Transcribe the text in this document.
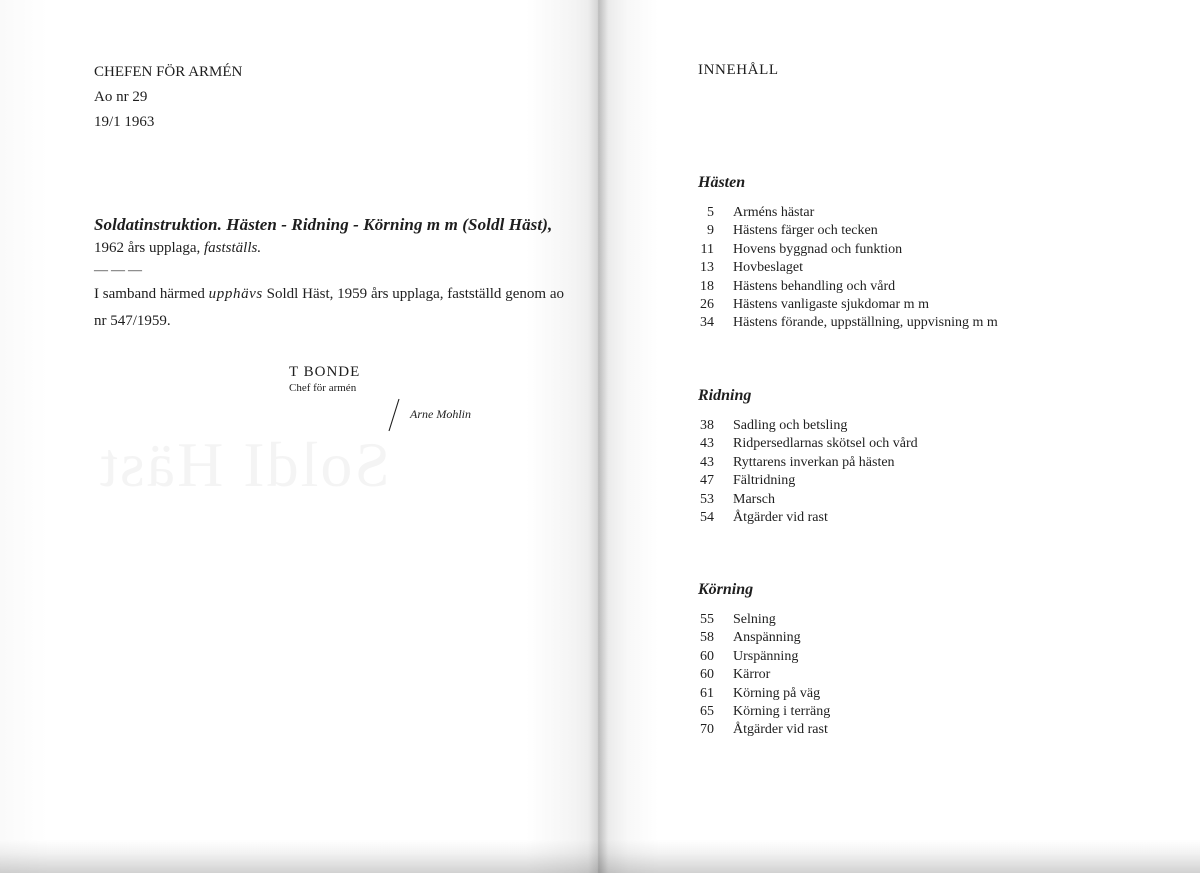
CHEFEN FÖR ARMÉN
Ao nr 29
19/1 1963
Soldatinstruktion. Hästen - Ridning - Körning m m (Soldl Häst),
1962 års upplaga, fastställs.
———
I samband härmed upphävs Soldl Häst, 1959 års upplaga, fastställd genom ao nr 547/1959.
T BONDE
Chef för armén
Arne Mohlin
INNEHÅLL
Hästen
5 Arméns hästar
9 Hästens färger och tecken
11 Hovens byggnad och funktion
13 Hovbeslaget
18 Hästens behandling och vård
26 Hästens vanligaste sjukdomar m m
34 Hästens förande, uppställning, uppvisning m m
Ridning
38 Sadling och betsling
43 Ridpersedlarnas skötsel och vård
43 Ryttarens inverkan på hästen
47 Fältridning
53 Marsch
54 Åtgärder vid rast
Körning
55 Selning
58 Anspänning
60 Urspänning
60 Kärror
61 Körning på väg
65 Körning i terräng
70 Åtgärder vid rast
